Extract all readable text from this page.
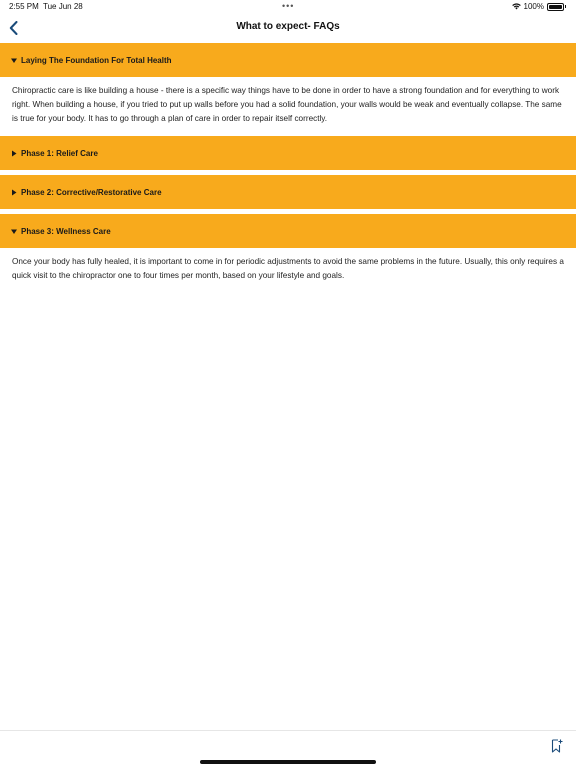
2:55 PM Tue Jun 28	•••	100%
What to expect- FAQs
Laying The Foundation For Total Health
Chiropractic care is like building a house - there is a specific way things have to be done in order to have a strong foundation and for everything to work right. When building a house, if you tried to put up walls before you had a solid foundation, your walls would be weak and eventually collapse. The same is true for your body. It has to go through a plan of care in order to repair itself correctly.
Phase 1: Relief Care
Phase 2: Corrective/Restorative Care
Phase 3: Wellness Care
Once your body has fully healed, it is important to come in for periodic adjustments to avoid the same problems in the future. Usually, this only requires a quick visit to the chiropractor one to four times per month, based on your lifestyle and goals.
